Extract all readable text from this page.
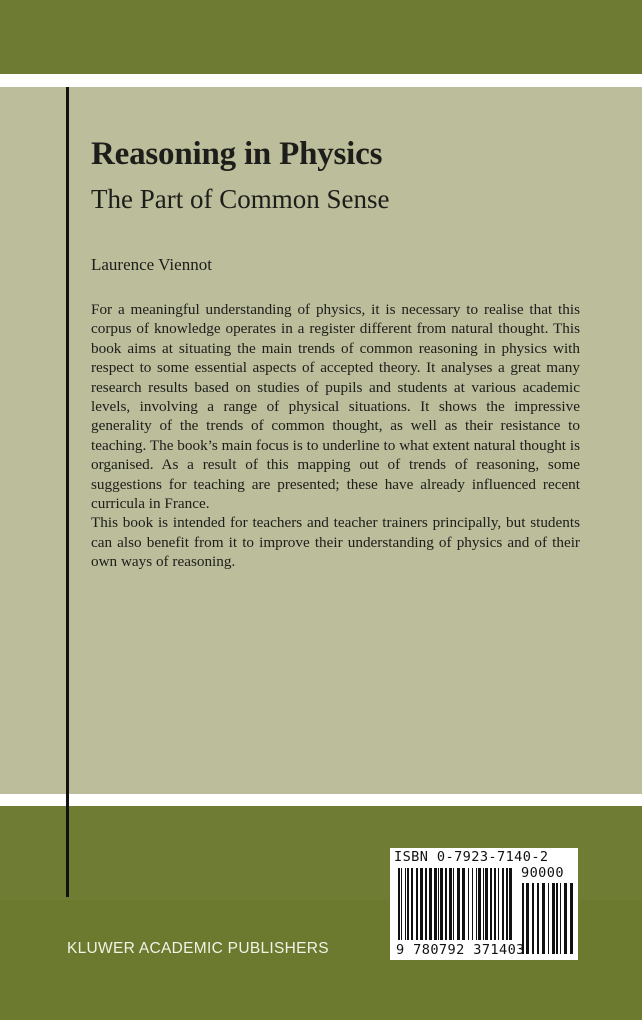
Reasoning in Physics
The Part of Common Sense

Laurence Viennot

For a meaningful understanding of physics, it is necessary to realise that this corpus of knowledge operates in a register different from natural thought. This book aims at situating the main trends of common reasoning in physics with respect to some essential aspects of accepted theory. It analyses a great many research results based on studies of pupils and students at various academic levels, involving a range of physical situations. It shows the impressive generality of the trends of common thought, as well as their resistance to teaching. The book’s main focus is to underline to what extent natural thought is organised. As a result of this mapping out of trends of reasoning, some suggestions for teaching are presented; these have already influenced recent curricula in France.

This book is intended for teachers and teacher trainers principally, but students can also benefit from it to improve their understanding of physics and of their own ways of reasoning.

KLUWER ACADEMIC PUBLISHERS

ISBN 0-7923-7140-2

90000

9 780792 371403
